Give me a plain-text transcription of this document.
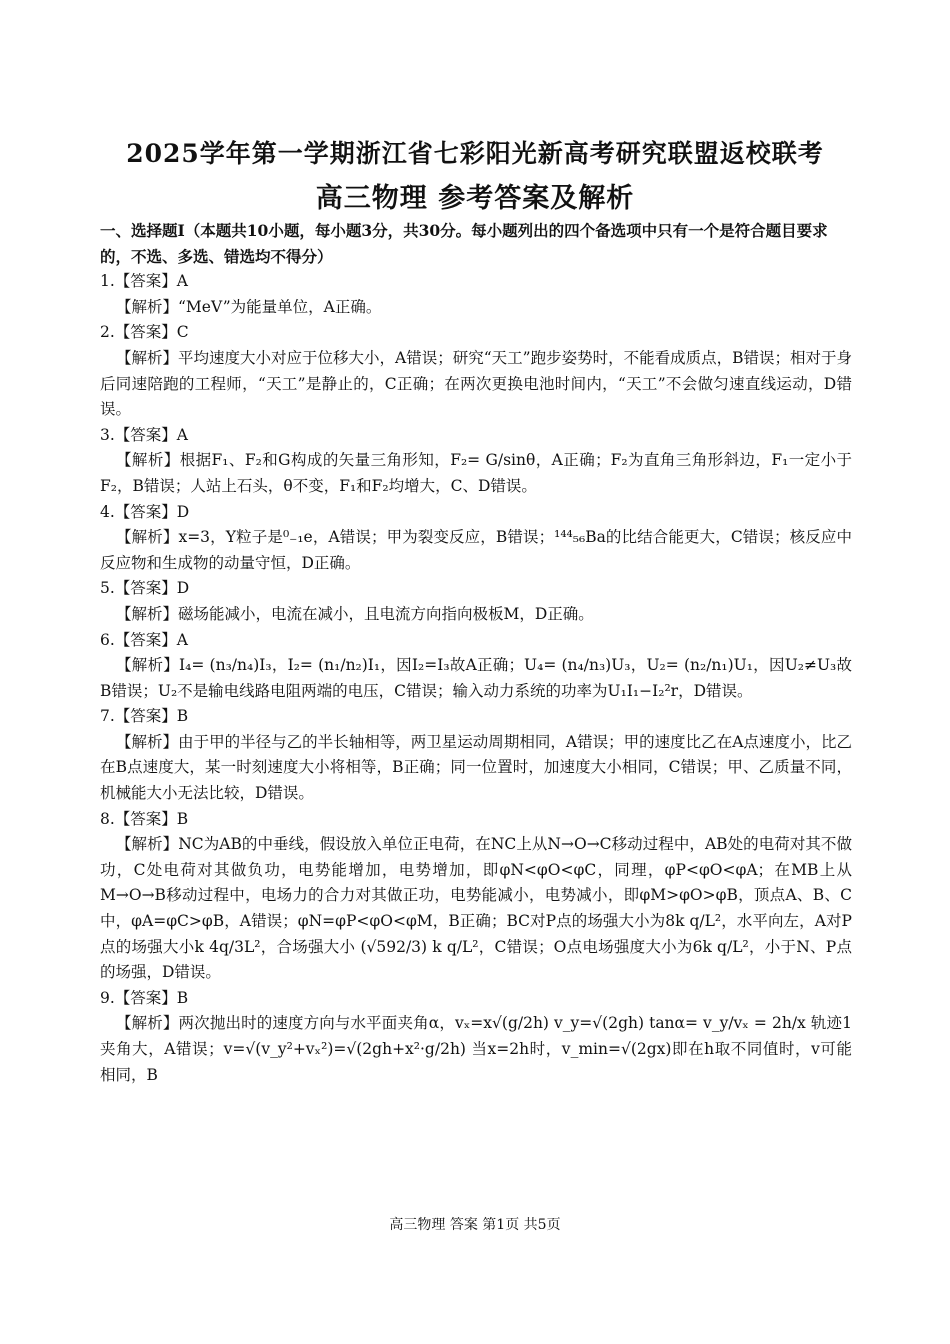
2025学年第一学期浙江省七彩阳光新高考研究联盟返校联考
高三物理 参考答案及解析

一、选择题Ⅰ（本题共10小题，每小题3分，共30分。每小题列出的四个备选项中只有一个是符合题目要求的，不选、多选、错选均不得分）

1.【答案】A

【解析】“MeV”为能量单位，A正确。

2.【答案】C

【解析】平均速度大小对应于位移大小，A错误；研究“天工”跑步姿势时，不能看成质点，B错误；相对于身后同速陪跑的工程师，“天工”是静止的，C正确；在两次更换电池时间内，“天工”不会做匀速直线运动，D错误。

3.【答案】A

【解析】根据F₁、F₂和G构成的矢量三角形知，F₂= G/sinθ，A正确；F₂为直角三角形斜边，F₁一定小于F₂，B错误；人站上石头，θ不变，F₁和F₂均增大，C、D错误。

4.【答案】D

【解析】x=3，Y粒子是⁰₋₁e，A错误；甲为裂变反应，B错误；¹⁴⁴₅₆Ba的比结合能更大，C错误；核反应中反应物和生成物的动量守恒，D正确。

5.【答案】D

【解析】磁场能减小，电流在减小，且电流方向指向极板M，D正确。

6.【答案】A

【解析】I₄= (n₃/n₄)I₃，I₂= (n₁/n₂)I₁，因I₂=I₃故A正确；U₄= (n₄/n₃)U₃，U₂= (n₂/n₁)U₁，因U₂≠U₃故B错误；U₂不是输电线路电阻两端的电压，C错误；输入动力系统的功率为U₁I₁−I₂²r，D错误。

7.【答案】B

【解析】由于甲的半径与乙的半长轴相等，两卫星运动周期相同，A错误；甲的速度比乙在A点速度小，比乙在B点速度大，某一时刻速度大小将相等，B正确；同一位置时，加速度大小相同，C错误；甲、乙质量不同，机械能大小无法比较，D错误。

8.【答案】B

【解析】NC为AB的中垂线，假设放入单位正电荷，在NC上从N→O→C移动过程中，AB处的电荷对其不做功，C处电荷对其做负功，电势能增加，电势增加，即φN<φO<φC，同理，φP<φO<φA；在MB上从M→O→B移动过程中，电场力的合力对其做正功，电势能减小，电势减小，即φM>φO>φB，顶点A、B、C中，φA=φC>φB，A错误；φN=φP<φO<φM，B正确；BC对P点的场强大小为8k q/L²，水平向左，A对P点的场强大小k 4q/3L²，合场强大小 (√592/3) k q/L²，C错误；O点电场强度大小为6k q/L²，小于N、P点的场强，D错误。

9.【答案】B

【解析】两次抛出时的速度方向与水平面夹角α，vₓ=x√(g/2h) v_y=√(2gh) tanα= v_y/vₓ = 2h/x 轨迹1夹角大，A错误；v=√(v_y²+vₓ²)=√(2gh+x²·g/2h) 当x=2h时，v_min=√(2gx)即在h取不同值时，v可能相同，B

高三物理 答案 第1页 共5页
